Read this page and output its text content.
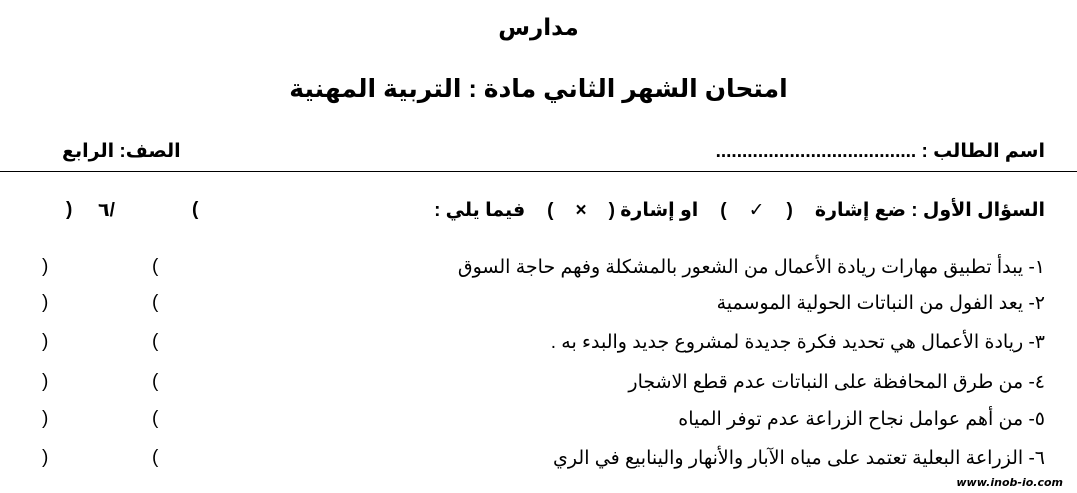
مدارس
امتحان الشهر الثاني مادة : التربية المهنية
اسم الطالب : ......................................
الصف: الرابع
السؤال الأول : ضع إشارة(✓)او إشارة (×)فيما يلي :
) ٦/	(
١- يبدأ تطبيق مهارات ريادة الأعمال من الشعور بالمشكلة وفهم حاجة السوق
(
)
٢- يعد الفول من النباتات الحولية الموسمية
(
)
٣- ريادة الأعمال هي تحديد فكرة جديدة لمشروع جديد والبدء به .
(
)
٤- من طرق المحافظة على النباتات عدم قطع الاشجار
(
)
٥- من أهم عوامل نجاح الزراعة عدم توفر المياه
(
)
٦- الزراعة البعلية تعتمد على مياه الآبار والأنهار والينابيع في الري
(
)
www.inob-io.com
